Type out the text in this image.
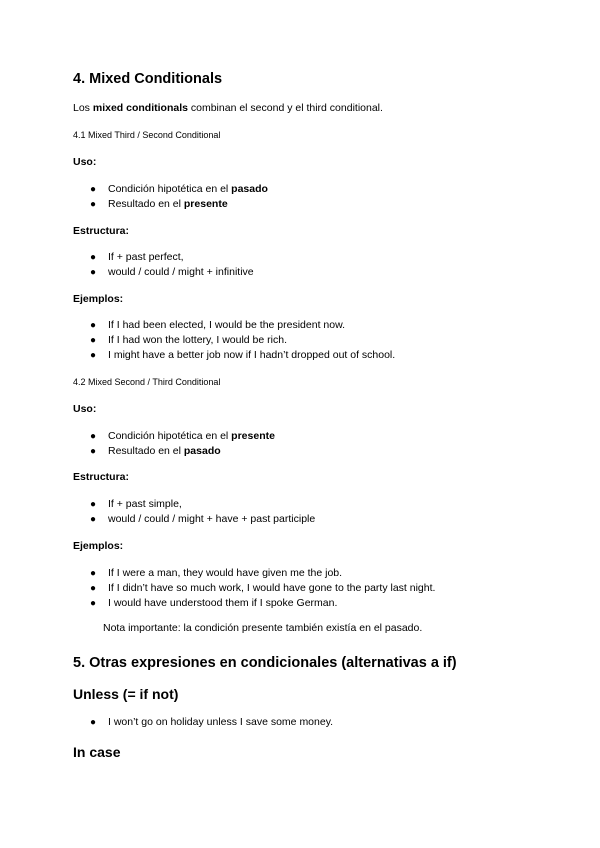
4. Mixed Conditionals
Los mixed conditionals combinan el second y el third conditional.
4.1 Mixed Third / Second Conditional
Uso:
● Condición hipotética en el pasado
● Resultado en el presente
Estructura:
● If + past perfect,
● would / could / might + infinitive
Ejemplos:
● If I had been elected, I would be the president now.
● If I had won the lottery, I would be rich.
● I might have a better job now if I hadn’t dropped out of school.
4.2 Mixed Second / Third Conditional
Uso:
● Condición hipotética en el presente
● Resultado en el pasado
Estructura:
● If + past simple,
● would / could / might + have + past participle
Ejemplos:
● If I were a man, they would have given me the job.
● If I didn’t have so much work, I would have gone to the party last night.
● I would have understood them if I spoke German.
Nota importante: la condición presente también existía en el pasado.
5. Otras expresiones en condicionales (alternativas a if)
Unless (= if not)
● I won’t go on holiday unless I save some money.
In case
